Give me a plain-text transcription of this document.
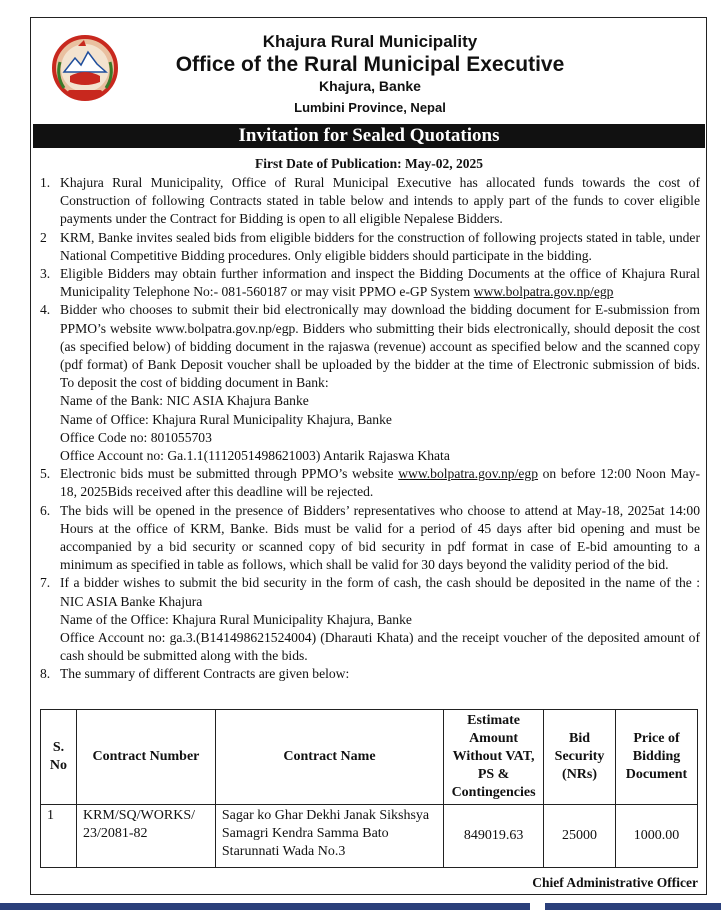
Khajura Rural Municipality
Office of the Rural Municipal Executive
Khajura, Banke
Lumbini Province, Nepal
Invitation for Sealed Quotations
First Date of Publication: May-02, 2025
1. Khajura Rural Municipality, Office of Rural Municipal Executive has allocated funds towards the cost of Construction of following Contracts stated in table below and intends to apply part of the funds to cover eligible payments under the Contract for Bidding is open to all eligible Nepalese Bidders.
2 KRM, Banke invites sealed bids from eligible bidders for the construction of following projects stated in table, under National Competitive Bidding procedures. Only eligible bidders should participate in the bidding.
3. Eligible Bidders may obtain further information and inspect the Bidding Documents at the office of Khajura Rural Municipality Telephone No:- 081-560187 or may visit PPMO e-GP System www.bolpatra.gov.np/egp
4. Bidder who chooses to submit their bid electronically may download the bidding document for E-submission from PPMO’s website www.bolpatra.gov.np/egp. Bidders who submitting their bids electronically, should deposit the cost (as specified below) of bidding document in the rajaswa (revenue) account as specified below and the scanned copy (pdf format) of Bank Deposit voucher shall be uploaded by the bidder at the time of Electronic submission of bids. To deposit the cost of bidding document in Bank:
Name of the Bank: NIC ASIA Khajura Banke
Name of Office: Khajura Rural Municipality Khajura, Banke
Office Code no: 801055703
Office Account no: Ga.1.1(1112051498621003) Antarik Rajaswa Khata
5. Electronic bids must be submitted through PPMO’s website www.bolpatra.gov.np/egp on before 12:00 Noon May-18, 2025Bids received after this deadline will be rejected.
6. The bids will be opened in the presence of Bidders’ representatives who choose to attend at May-18, 2025at 14:00 Hours at the office of KRM, Banke. Bids must be valid for a period of 45 days after bid opening and must be accompanied by a bid security or scanned copy of bid security in pdf format in case of E-bid amounting to a minimum as specified in table as follows, which shall be valid for 30 days beyond the validity period of the bid.
7. If a bidder wishes to submit the bid security in the form of cash, the cash should be deposited in the name of the : NIC ASIA Banke Khajura
Name of the Office: Khajura Rural Municipality Khajura, Banke
Office Account no: ga.3.(B141498621524004) (Dharauti Khata) and the receipt voucher of the deposited amount of cash should be submitted along with the bids.
8. The summary of different Contracts are given below:
S. No	Contract Number	Contract Name	Estimate Amount Without VAT, PS & Contingencies	Bid Security (NRs)	Price of Bidding Document
1	KRM/SQ/WORKS/ 23/2081-82	Sagar ko Ghar Dekhi Janak Sikshsya Samagri Kendra Samma Bato Starunnati Wada No.3	849019.63	25000	1000.00
Chief Administrative Officer
